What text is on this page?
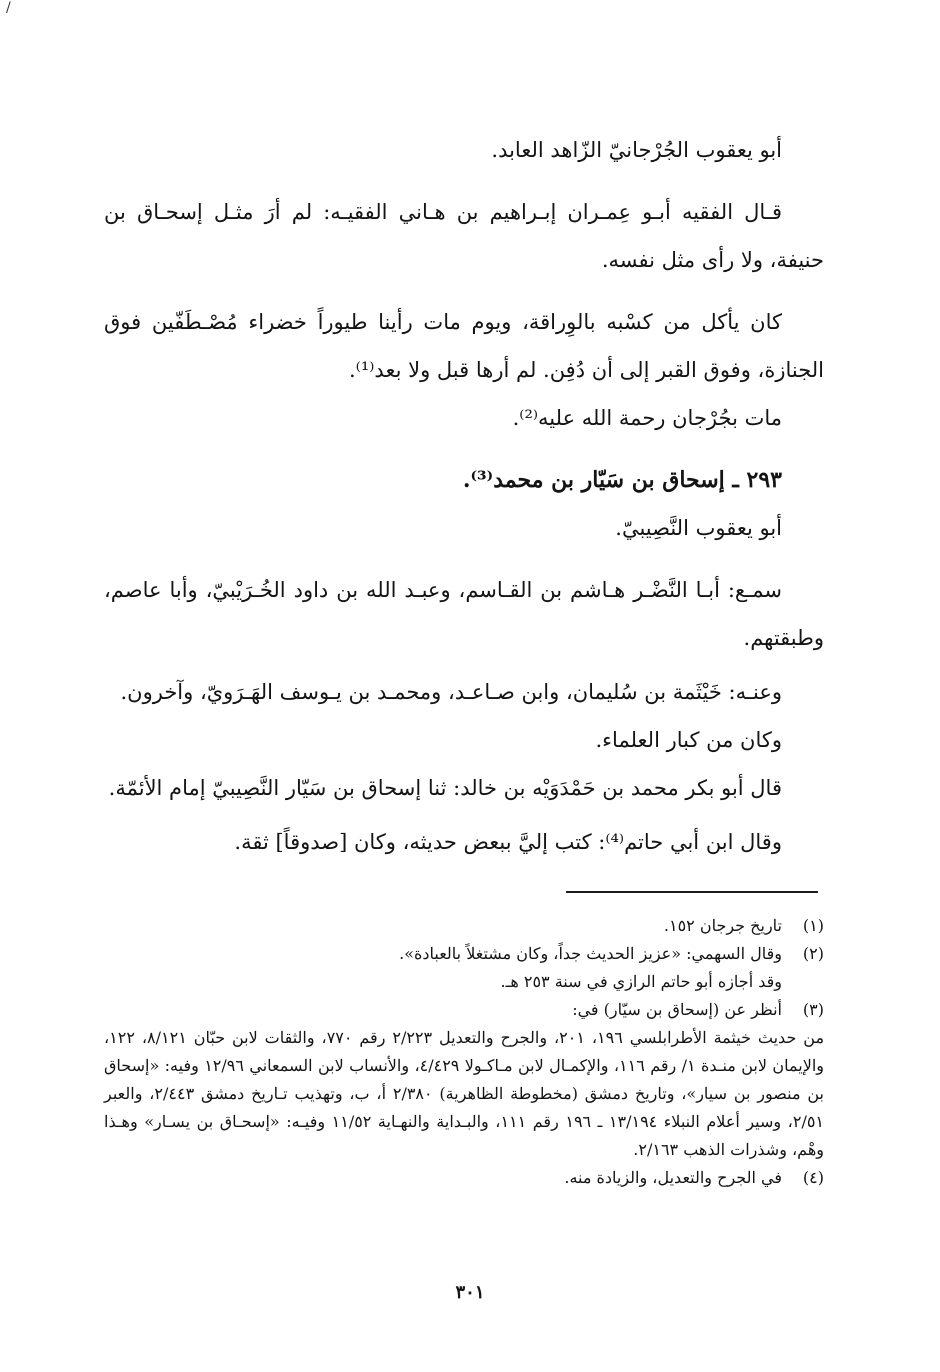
/

أبو يعقوب الجُرْجانيّ الزّاهد العابد.

قـال الفقيه أبـو عِمـران إبـراهيم بن هـاني الفقيـه: لم أرَ مثـل إسحـاق بن حنيفة، ولا رأى مثل نفسه.

كان يأكل من كسْبه بالوِراقة، ويوم مات رأينا طيوراً خضراء مُصْـطَفّين فوق الجنازة، وفوق القبر إلى أن دُفِن. لم أرها قبل ولا بعد⁽¹⁾.

مات بجُرْجان رحمة الله عليه⁽²⁾.

٢٩٣ ـ إسحاق بن سَيّار بن محمد⁽³⁾.

أبو يعقوب النَّصِيبيّ.

سمـع: أبـا النَّضْـر هـاشم بن القـاسم، وعبـد الله بن داود الخُـرَيْبيّ، وأبا عاصم، وطبقتهم.

وعنـه: خَيْثَمة بن سُليمان، وابن صـاعـد، ومحمـد بن يـوسف الهَـرَويّ، وآخرون.

وكان من كبار العلماء.

قال أبو بكر محمد بن حَمْدَوَيْه بن خالد: ثنا إسحاق بن سَيّار النَّصِيبيّ إمام الأئمّة.

وقال ابن أبي حاتم⁽⁴⁾: كتب إليَّ ببعض حديثه، وكان [صدوقاً] ثقة.

(١)

تاريخ جرجان ١٥٢.

(٢)

وقال السهمي: «عزيز الحديث جداً، وكان مشتغلاً بالعبادة».

وقد أجازه أبو حاتم الرازي في سنة ٢٥٣ هـ.

(٣)

أنظر عن (إسحاق بن سيّار) في:

من حديث خيثمة الأطرابلسي ١٩٦، ٢٠١، والجرح والتعديل ٢/٢٢٣ رقم ٧٧٠، والثقات لابن حبّان ٨/١٢١، ١٢٢، والإيمان لابن منـدة ١/ رقم ١١٦، والإكمـال لابن مـاكـولا ٤/٤٢٩، والأنساب لابن السمعاني ١٢/٩٦ وفيه: «إسحاق بن منصور بن سيار»، وتاريخ دمشق (مخطوطة الظاهرية) ٢/٣٨٠ أ، ب، وتهذيب تـاريخ دمشق ٢/٤٤٣، والعبر ٢/٥١، وسير أعلام النبلاء ١٣/١٩٤ ـ ١٩٦ رقم ١١١، والبـداية والنهـاية ١١/٥٢ وفيـه: «إسحـاق بن يسـار» وهـذا وهْم، وشذرات الذهب ٢/١٦٣.

(٤)

في الجرح والتعديل، والزيادة منه.

٣٠١
